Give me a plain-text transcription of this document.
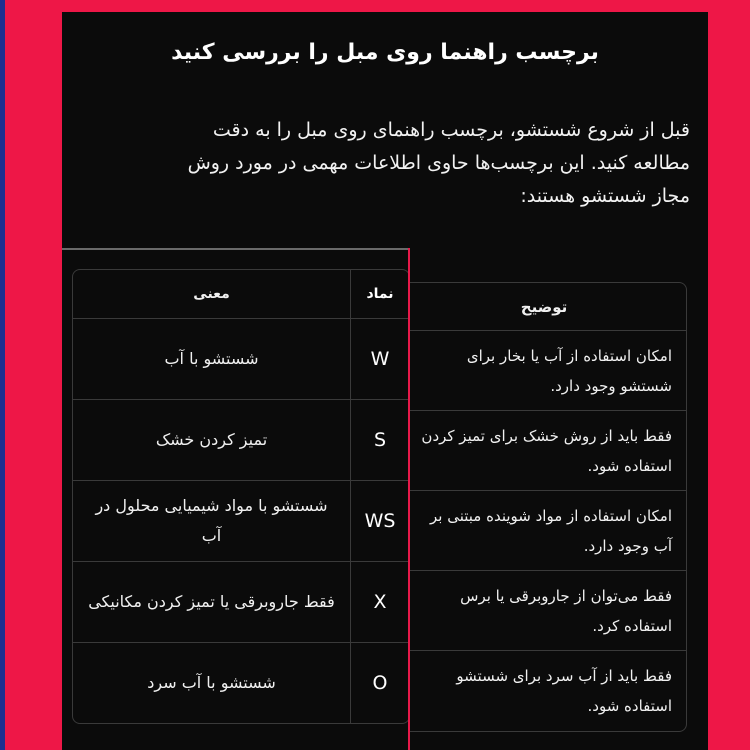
برچسب راهنما روی مبل را بررسی کنید
قبل از شروع شستشو، برچسب راهنمای روی مبل را به دقت مطالعه کنید. این برچسب‌ها حاوی اطلاعات مهمی در مورد روش مجاز شستشو هستند:
نماد
معنی
W
شستشو با آب
S
تمیز کردن خشک
WS
شستشو با مواد شیمیایی محلول در آب
X
فقط جاروبرقی یا تمیز کردن مکانیکی
O
شستشو با آب سرد
توضیح
امکان استفاده از آب یا بخار برای شستشو وجود دارد.
فقط باید از روش خشک برای تمیز کردن استفاده شود.
امکان استفاده از مواد شوینده مبتنی بر آب وجود دارد.
فقط می‌توان از جاروبرقی یا برس استفاده کرد.
فقط باید از آب سرد برای شستشو استفاده شود.
